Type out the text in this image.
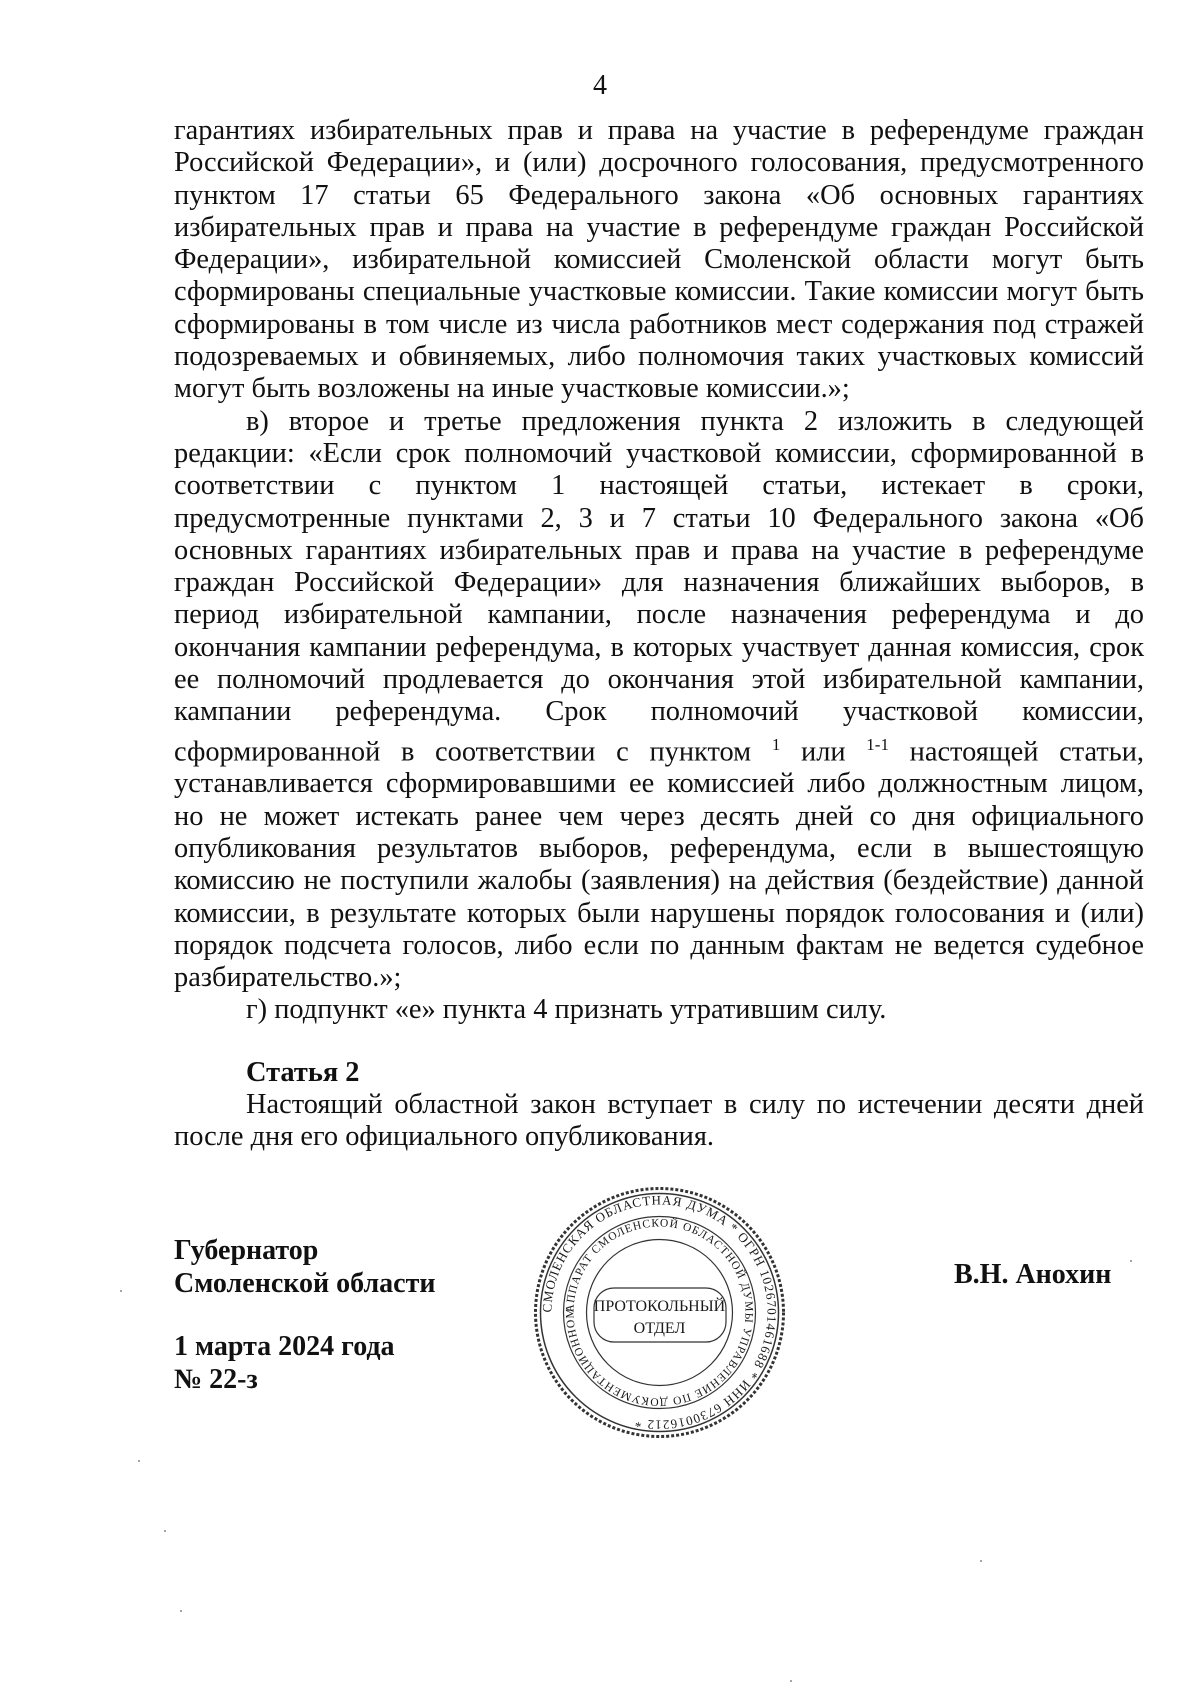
4

гарантиях избирательных прав и права на участие в референдуме граждан Российской Федерации», и (или) досрочного голосования, предусмотренного пунктом 17 статьи 65 Федерального закона «Об основных гарантиях избирательных прав и права на участие в референдуме граждан Российской Федерации», избирательной комиссией Смоленской области могут быть сформированы специальные участковые комиссии. Такие комиссии могут быть сформированы в том числе из числа работников мест содержания под стражей подозреваемых и обвиняемых, либо полномочия таких участковых комиссий могут быть возложены на иные участковые комиссии.»;

в) второе и третье предложения пункта 2 изложить в следующей редакции: «Если срок полномочий участковой комиссии, сформированной в соответствии с пунктом 1 настоящей статьи, истекает в сроки, предусмотренные пунктами 2, 3 и 7 статьи 10 Федерального закона «Об основных гарантиях избирательных прав и права на участие в референдуме граждан Российской Федерации» для назначения ближайших выборов, в период избирательной кампании, после назначения референдума и до окончания кампании референдума, в которых участвует данная комиссия, срок ее полномочий продлевается до окончания этой избирательной кампании, кампании референдума. Срок полномочий участковой комиссии, сформированной в соответствии с пунктом $^1$ или $^{1-1}$ настоящей статьи, устанавливается сформировавшими ее комиссией либо должностным лицом, но не может истекать ранее чем через десять дней со дня официального опубликования результатов выборов, референдума, если в вышестоящую комиссию не поступили жалобы (заявления) на действия (бездействие) данной комиссии, в результате которых были нарушены порядок голосования и (или) порядок подсчета голосов, либо если по данным фактам не ведется судебное разбирательство.»;

г) подпункт «е» пункта 4 признать утратившим силу.

Статья 2

Настоящий областной закон вступает в силу по истечении десяти дней после дня его официального опубликования.

Губернатор
Смоленской области
1 марта 2024 года
№ 22-з
В.Н. Анохин
СМОЛЕНСКАЯ ОБЛАСТНАЯ ДУМА * ОГРН 1026701461688 * ИНН 6730016212 *
АППАРАТ СМОЛЕНСКОЙ ОБЛАСТНОЙ ДУМЫ УПРАВЛЕНИЕ ПО ДОКУМЕНТАЦИОННОМ	ПРОТОКОЛЬНЫЙ
ОТДЕЛ
